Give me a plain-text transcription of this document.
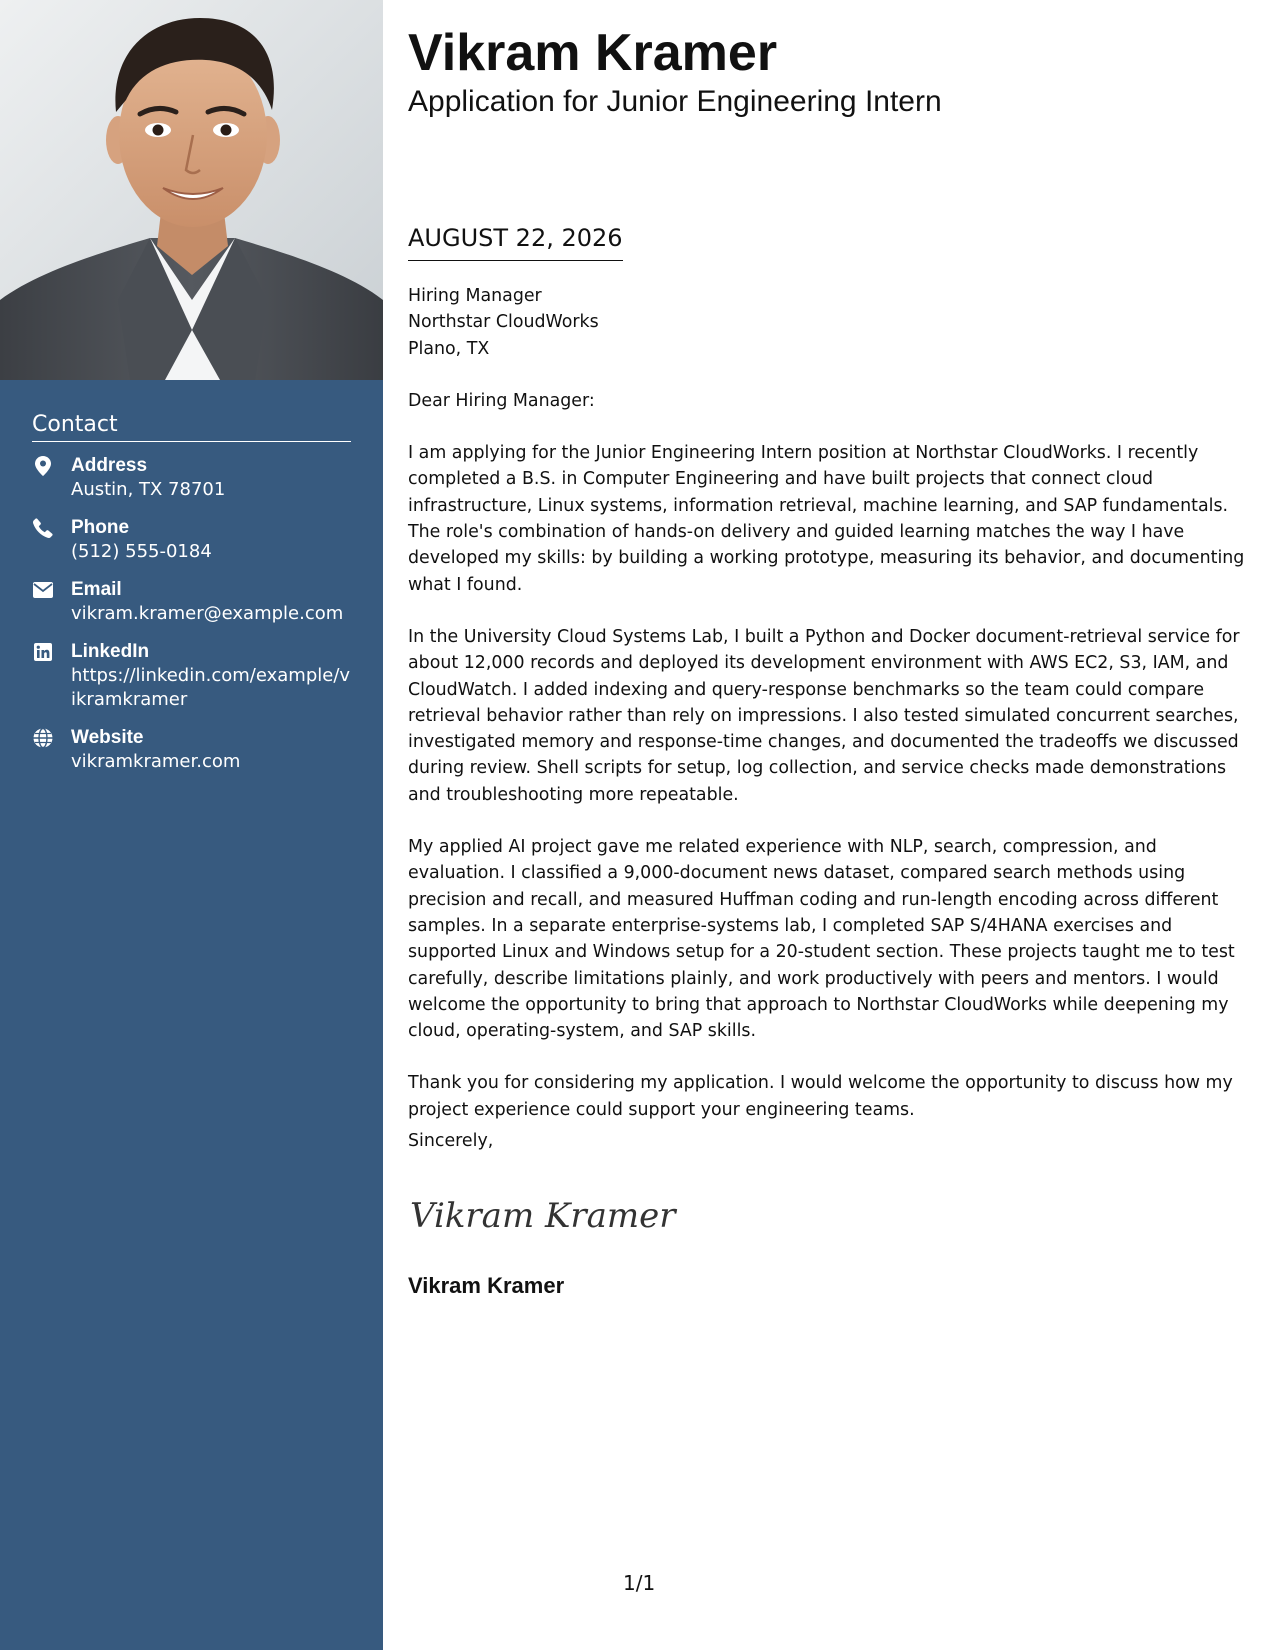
Contact
Address
Austin, TX 78701
Phone
(512) 555-0184
Email
vikram.kramer@example.com
LinkedIn
https://linkedin.com/example/vikramkramer
Website
vikramkramer.com
Vikram Kramer
Application for Junior Engineering Intern
AUGUST 22, 2026
Hiring Manager
Northstar CloudWorks
Plano, TX

Dear Hiring Manager:

I am applying for the Junior Engineering Intern position at Northstar CloudWorks. I recently completed a B.S. in Computer Engineering and have built projects that connect cloud infrastructure, Linux systems, information retrieval, machine learning, and SAP fundamentals. The role's combination of hands-on delivery and guided learning matches the way I have developed my skills: by building a working prototype, measuring its behavior, and documenting what I found.

In the University Cloud Systems Lab, I built a Python and Docker document-retrieval service for about 12,000 records and deployed its development environment with AWS EC2, S3, IAM, and CloudWatch. I added indexing and query-response benchmarks so the team could compare retrieval behavior rather than rely on impressions. I also tested simulated concurrent searches, investigated memory and response-time changes, and documented the tradeoffs we discussed during review. Shell scripts for setup, log collection, and service checks made demonstrations and troubleshooting more repeatable.

My applied AI project gave me related experience with NLP, search, compression, and evaluation. I classified a 9,000-document news dataset, compared search methods using precision and recall, and measured Huffman coding and run-length encoding across different samples. In a separate enterprise-systems lab, I completed SAP S/4HANA exercises and supported Linux and Windows setup for a 20-student section. These projects taught me to test carefully, describe limitations plainly, and work productively with peers and mentors. I would welcome the opportunity to bring that approach to Northstar CloudWorks while deepening my cloud, operating-system, and SAP skills.

Thank you for considering my application. I would welcome the opportunity to discuss how my project experience could support your engineering teams.

Sincerely,
Vikram Kramer
Vikram Kramer
1/1
